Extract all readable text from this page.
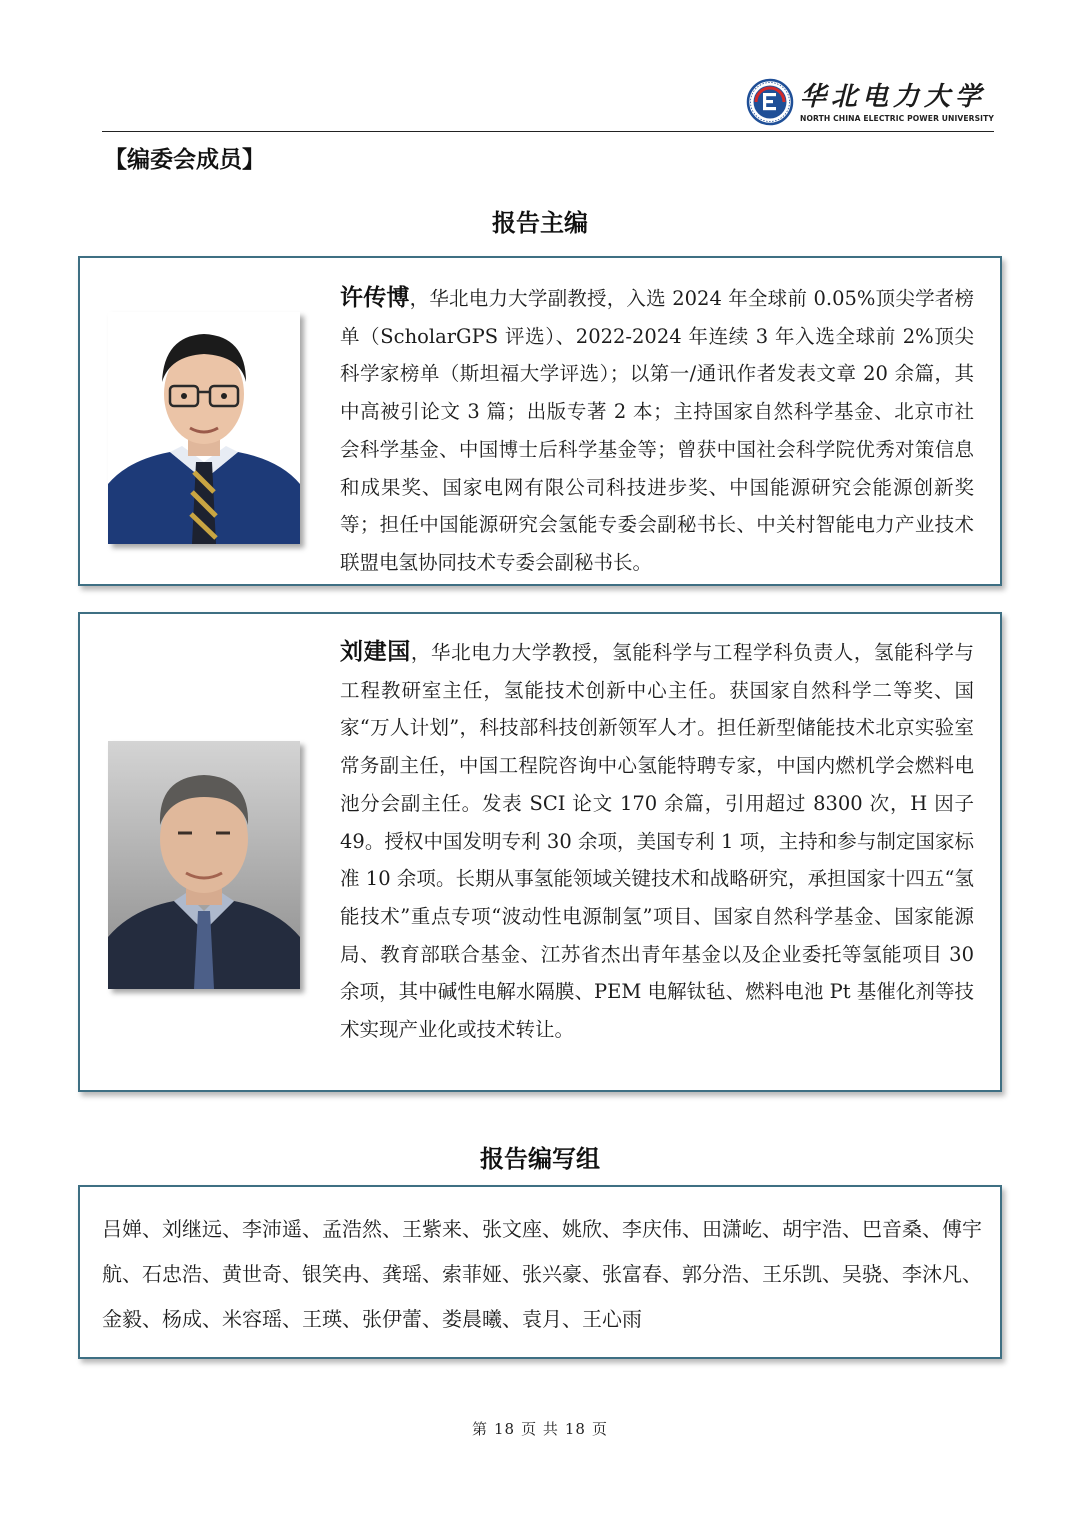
华北电力大学
NORTH CHINA ELECTRIC POWER UNIVERSITY
【编委会成员】
报告主编
许传博，华北电力大学副教授，入选 2024 年全球前 0.05%顶尖学者榜单（ScholarGPS 评选）、2022-2024 年连续 3 年入选全球前 2%顶尖科学家榜单（斯坦福大学评选）；以第一/通讯作者发表文章 20 余篇，其中高被引论文 3 篇；出版专著 2 本；主持国家自然科学基金、北京市社会科学基金、中国博士后科学基金等；曾获中国社会科学院优秀对策信息和成果奖、国家电网有限公司科技进步奖、中国能源研究会能源创新奖等；担任中国能源研究会氢能专委会副秘书长、中关村智能电力产业技术联盟电氢协同技术专委会副秘书长。
刘建国，华北电力大学教授，氢能科学与工程学科负责人，氢能科学与工程教研室主任，氢能技术创新中心主任。获国家自然科学二等奖、国家“万人计划”，科技部科技创新领军人才。担任新型储能技术北京实验室常务副主任，中国工程院咨询中心氢能特聘专家，中国内燃机学会燃料电池分会副主任。发表 SCI 论文 170 余篇，引用超过 8300 次，H 因子 49。授权中国发明专利 30 余项，美国专利 1 项，主持和参与制定国家标准 10 余项。长期从事氢能领域关键技术和战略研究，承担国家十四五“氢能技术”重点专项“波动性电源制氢”项目、国家自然科学基金、国家能源局、教育部联合基金、江苏省杰出青年基金以及企业委托等氢能项目 30 余项，其中碱性电解水隔膜、PEM 电解钛毡、燃料电池 Pt 基催化剂等技术实现产业化或技术转让。
报告编写组
吕婵、刘继远、李沛遥、孟浩然、王紫来、张文座、姚欣、李庆伟、田潇屹、胡宇浩、巴音桑、傅宇航、石忠浩、黄世奇、银笑冉、龚瑶、索菲娅、张兴豪、张富春、郭分浩、王乐凯、吴骁、李沐凡、金毅、杨成、米容瑶、王瑛、张伊蕾、娄晨曦、袁月、王心雨
第 18 页 共 18 页
